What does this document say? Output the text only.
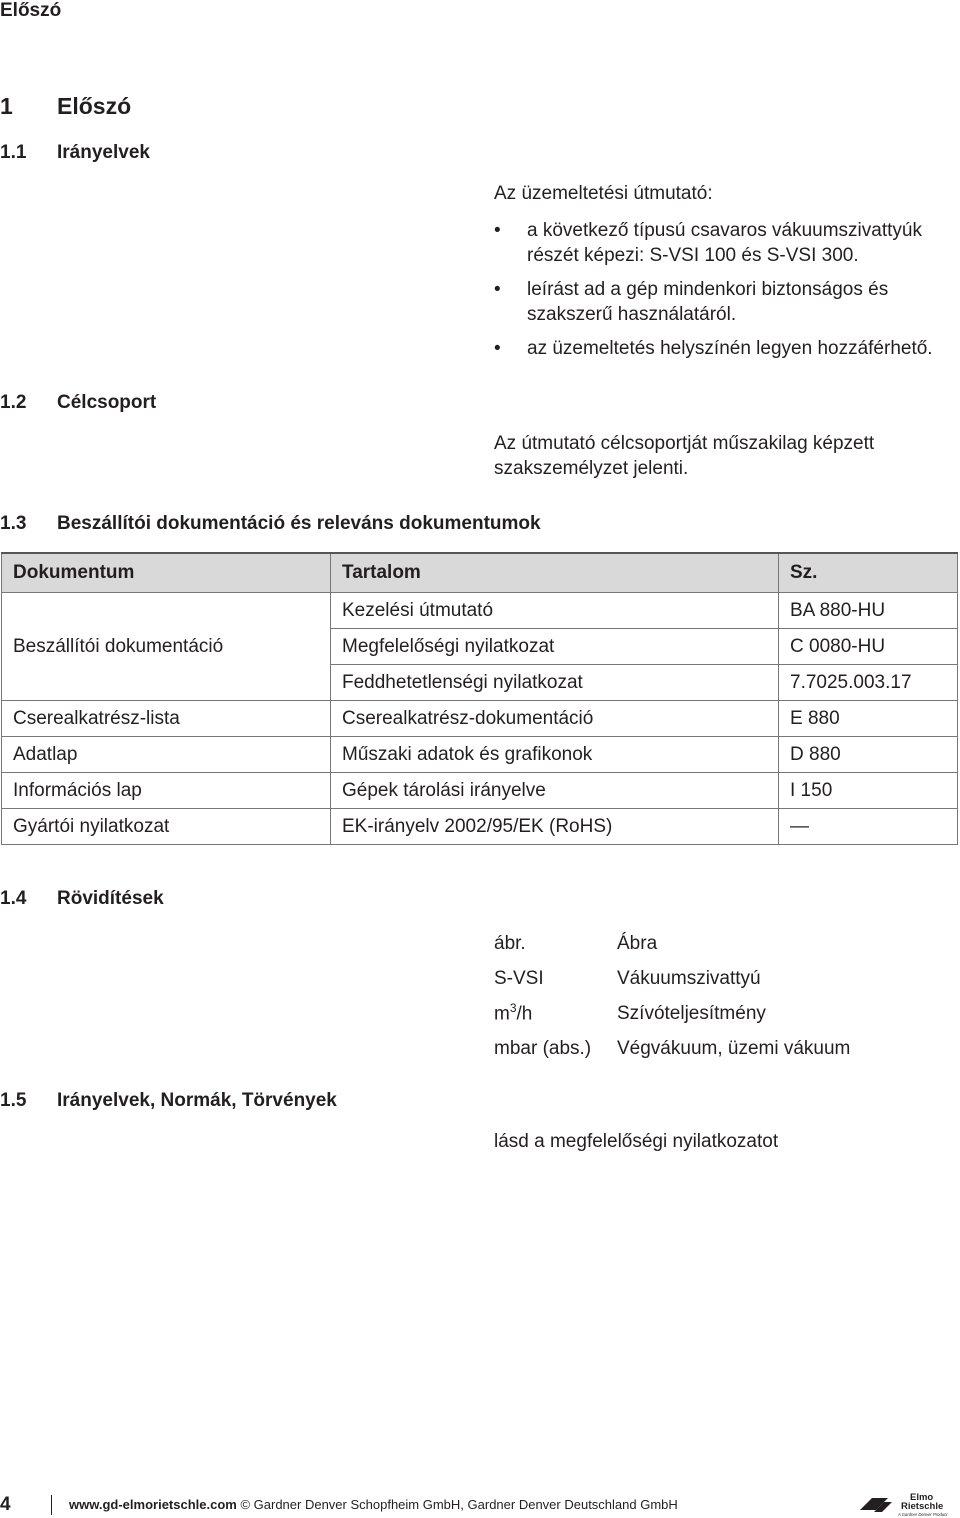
Előszó
1 Előszó
1.1 Irányelvek
Az üzemeltetési útmutató:
• a következő típusú csavaros vákuumszivattyúk részét képezi: S-VSI 100 és S-VSI 300.
• leírást ad a gép mindenkori biztonságos és szakszerű használatáról.
• az üzemeltetés helyszínén legyen hozzáférhető.
1.2 Célcsoport
Az útmutató célcsoportját műszakilag képzett szakszemélyzet jelenti.
1.3 Beszállítói dokumentáció és releváns dokumentumok
Dokumentum	Tartalom	Sz.
Beszállítói dokumentáció	Kezelési útmutató	BA 880-HU
	Megfelelőségi nyilatkozat	C 0080-HU
	Feddhetetlenségi nyilatkozat	7.7025.003.17
Cserealkatrész-lista	Cserealkatrész-dokumentáció	E 880
Adatlap	Műszaki adatok és grafikonok	D 880
Információs lap	Gépek tárolási irányelve	I 150
Gyártói nyilatkozat	EK-irányelv 2002/95/EK (RoHS)	—
1.4 Rövidítések
ábr.	Ábra
S-VSI	Vákuumszivattyú
$m^3/h$	Szívóteljesítmény
mbar (abs.)	Végvákuum, üzemi vákuum
1.5 Irányelvek, Normák, Törvények
lásd a megfelelőségi nyilatkozatot
4	www.gd-elmorietschle.com © Gardner Denver Schopfheim GmbH, Gardner Denver Deutschland GmbH	Elmo
Rietschle
A Gardner Denver Product
